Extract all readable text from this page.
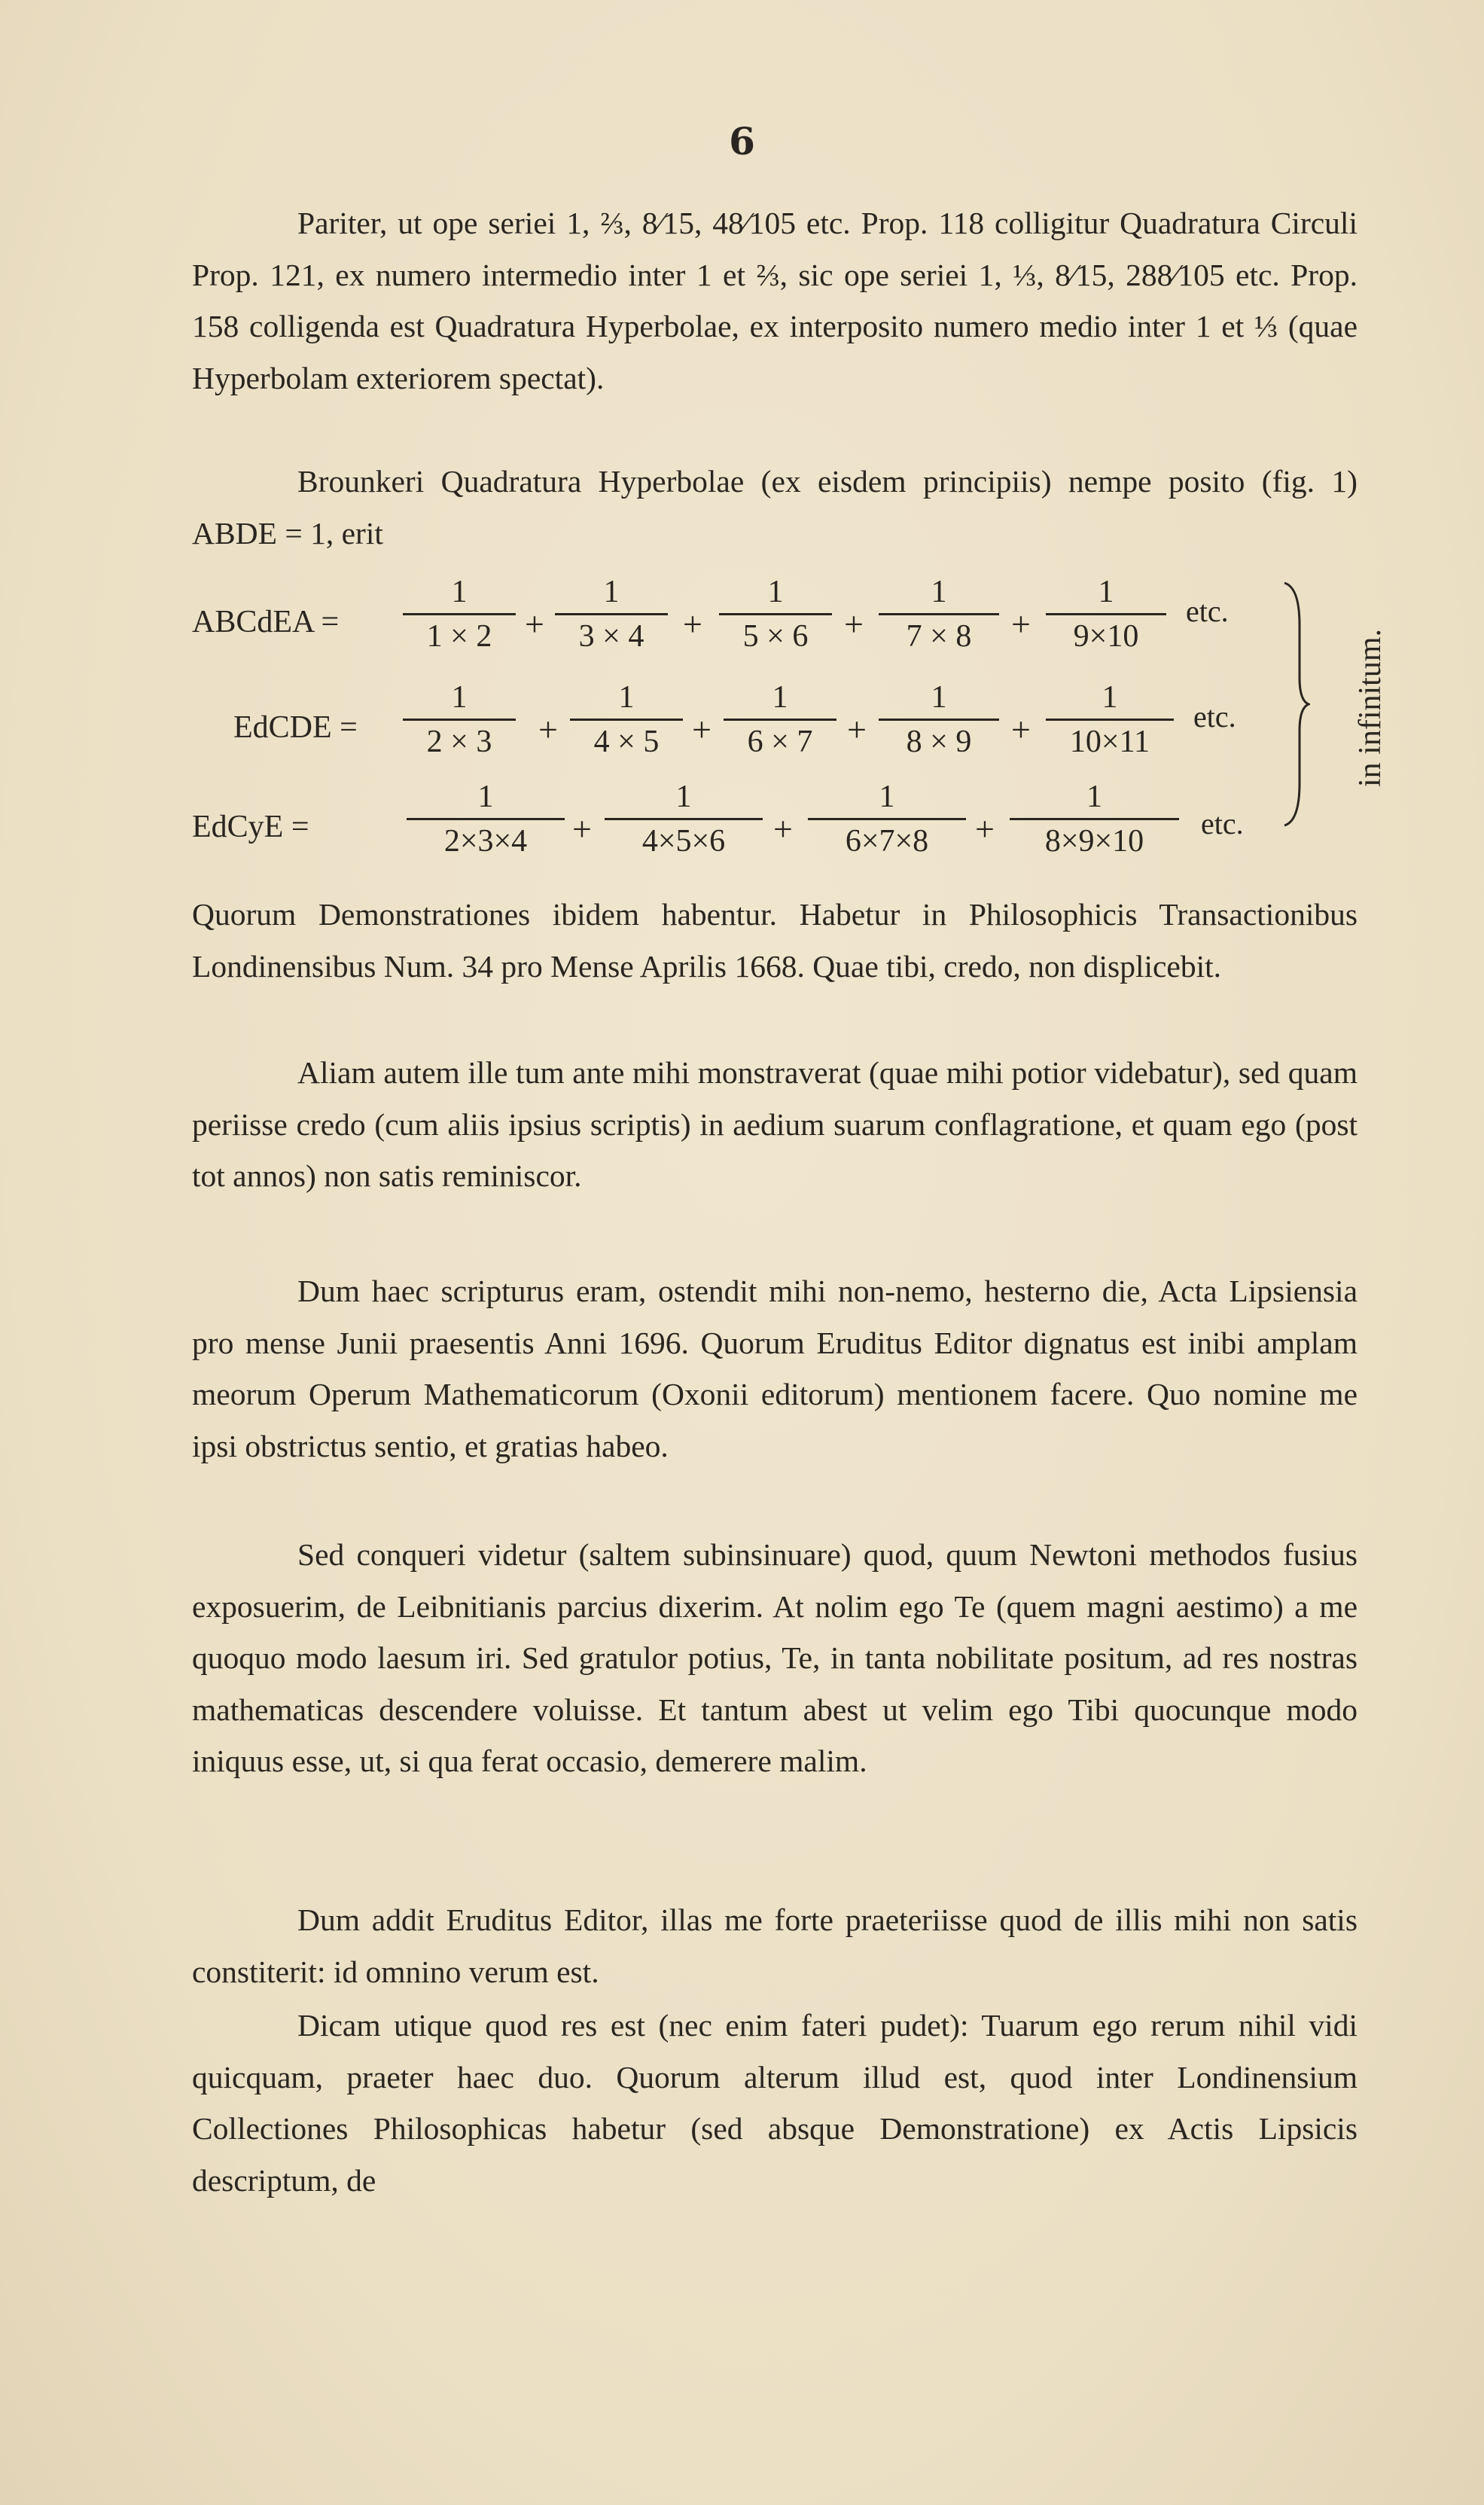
6

Pariter, ut ope seriei 1, ⅔, 8⁄15, 48⁄105 etc. Prop. 118 colligitur Quadratura Circuli Prop. 121, ex numero intermedio inter 1 et ⅔, sic ope seriei 1, ⅓, 8⁄15, 288⁄105 etc. Prop. 158 colligenda est Quadratura Hyperbolae, ex interposito numero medio inter 1 et ⅓ (quae Hyperbolam exteriorem spectat).

Brounkeri Quadratura Hyperbolae (ex eisdem principiis) nempe posito (fig. 1) ABDE = 1, erit

ABCdEA =
1
1 × 2 +
1
3 × 4	+
1
5 × 6	+
1
7 × 8	+
1
9×10
etc.
EdCDE =
1
2 × 3	+
1
4 × 5 +
1
6 × 7 +
1
8 × 9	+
1
10×11
etc.
EdCyE =
1
2×3×4	+
1
4×5×6	+
1
6×7×8	+
1
8×9×10
etc.
in infinitum.

Quorum Demonstrationes ibidem habentur. Habetur in Philosophicis Transactionibus Londinensibus Num. 34 pro Mense Aprilis 1668. Quae tibi, credo, non displicebit.

Aliam autem ille tum ante mihi monstraverat (quae mihi potior videbatur), sed quam periisse credo (cum aliis ipsius scriptis) in aedium suarum conflagratione, et quam ego (post tot annos) non satis reminiscor.

Dum haec scripturus eram, ostendit mihi non-nemo, hesterno die, Acta Lipsiensia pro mense Junii praesentis Anni 1696. Quorum Eruditus Editor dignatus est inibi amplam meorum Operum Mathematicorum (Oxonii editorum) mentionem facere. Quo nomine me ipsi obstrictus sentio, et gratias habeo.

Sed conqueri videtur (saltem subinsinuare) quod, quum Newtoni methodos fusius exposuerim, de Leibnitianis parcius dixerim. At nolim ego Te (quem magni aestimo) a me quoquo modo laesum iri. Sed gratulor potius, Te, in tanta nobilitate positum, ad res nostras mathematicas descendere voluisse. Et tantum abest ut velim ego Tibi quocunque modo iniquus esse, ut, si qua ferat occasio, demerere malim.

Dum addit Eruditus Editor, illas me forte praeteriisse quod de illis mihi non satis constiterit: id omnino verum est.

Dicam utique quod res est (nec enim fateri pudet): Tuarum ego rerum nihil vidi quicquam, praeter haec duo. Quorum alterum illud est, quod inter Londinensium Collectiones Philosophicas habetur (sed absque Demonstratione) ex Actis Lipsicis descriptum, de
